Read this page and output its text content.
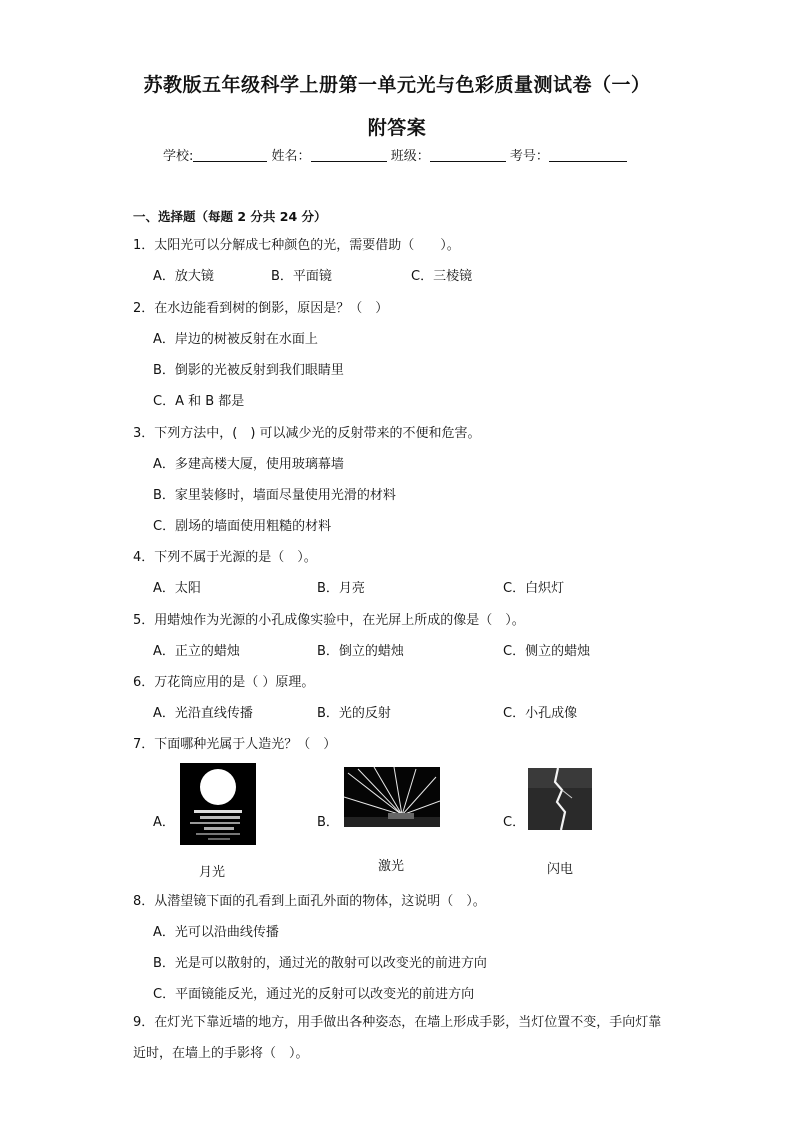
苏教版五年级科学上册第一单元光与色彩质量测试卷（一）
附答案
学校:	姓名：	班级：	考号：
一、选择题（每题 2 分共 24 分）
1．太阳光可以分解成七种颜色的光，需要借助（　　）。
A．放大镜	B．平面镜	C．三棱镜
2．在水边能看到树的倒影，原因是？（　）
A．岸边的树被反射在水面上
B．倒影的光被反射到我们眼睛里
C．A 和 B 都是
3．下列方法中，(　) 可以减少光的反射带来的不便和危害。
A．多建高楼大厦，使用玻璃幕墙
B．家里装修时，墙面尽量使用光滑的材料
C．剧场的墙面使用粗糙的材料
4．下列不属于光源的是（　）。
A．太阳	B．月亮	C．白炽灯
5．用蜡烛作为光源的小孔成像实验中，在光屏上所成的像是（　）。
A．正立的蜡烛	B．倒立的蜡烛	C．侧立的蜡烛
6．万花筒应用的是（ ）原理。
A．光沿直线传播	B．光的反射	C．小孔成像
7．下面哪种光属于人造光？（　）
A．	B．	C．
月光	激光	闪电
8．从潜望镜下面的孔看到上面孔外面的物体，这说明（　）。
A．光可以沿曲线传播
B．光是可以散射的，通过光的散射可以改变光的前进方向
C．平面镜能反光，通过光的反射可以改变光的前进方向
9．在灯光下靠近墙的地方，用手做出各种姿态，在墙上形成手影，当灯位置不变，手向灯靠近时，在墙上的手影将（　）。
